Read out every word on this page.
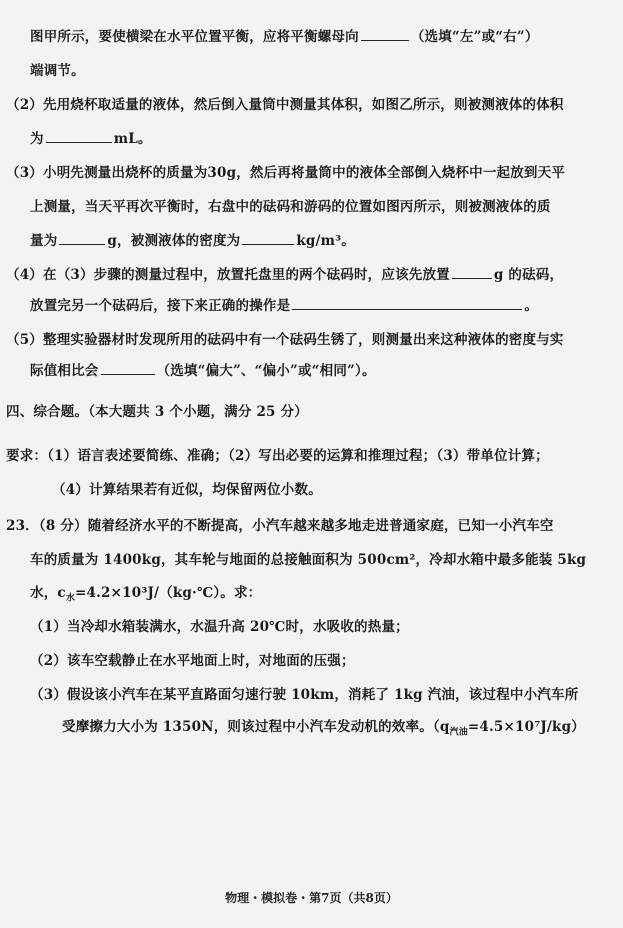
图甲所示，要使横梁在水平位置平衡，应将平衡螺母向	（选填“左”或“右”）
端调节。
（2）先用烧杯取适量的液体，然后倒入量筒中测量其体积，如图乙所示，则被测液体的体积
为	mL。
（3）小明先测量出烧杯的质量为30g，然后再将量筒中的液体全部倒入烧杯中一起放到天平
上测量，当天平再次平衡时，右盘中的砝码和游码的位置如图丙所示，则被测液体的质
量为	g，被测液体的密度为	kg/m³。
（4）在（3）步骤的测量过程中，放置托盘里的两个砝码时，应该先放置	g 的砝码，
放置完另一个砝码后，接下来正确的操作是	。
（5）整理实验器材时发现所用的砝码中有一个砝码生锈了，则测量出来这种液体的密度与实
际值相比会	（选填“偏大”、“偏小”或“相同”）。
四、综合题。（本大题共 3 个小题，满分 25 分）
要求：（1）语言表述要简练、准确；（2）写出必要的运算和推理过程；（3）带单位计算；
（4）计算结果若有近似，均保留两位小数。
23．（8 分）随着经济水平的不断提高，小汽车越来越多地走进普通家庭，已知一小汽车空
车的质量为 1400kg，其车轮与地面的总接触面积为 500cm²，冷却水箱中最多能装 5kg
水，$c_水=4.2\times 10^3J/(kg\cdot℃)$。求：
（1）当冷却水箱装满水，水温升高 20℃时，水吸收的热量；
（2）该车空载静止在水平地面上时，对地面的压强；
（3）假设该小汽车在某平直路面匀速行驶 10km，消耗了 1kg 汽油，该过程中小汽车所
受摩擦力大小为 1350N，则该过程中小汽车发动机的效率。$(q_{汽油}=4.5\times 10^7J/kg)$
物理・模拟卷・第7页（共8页）
